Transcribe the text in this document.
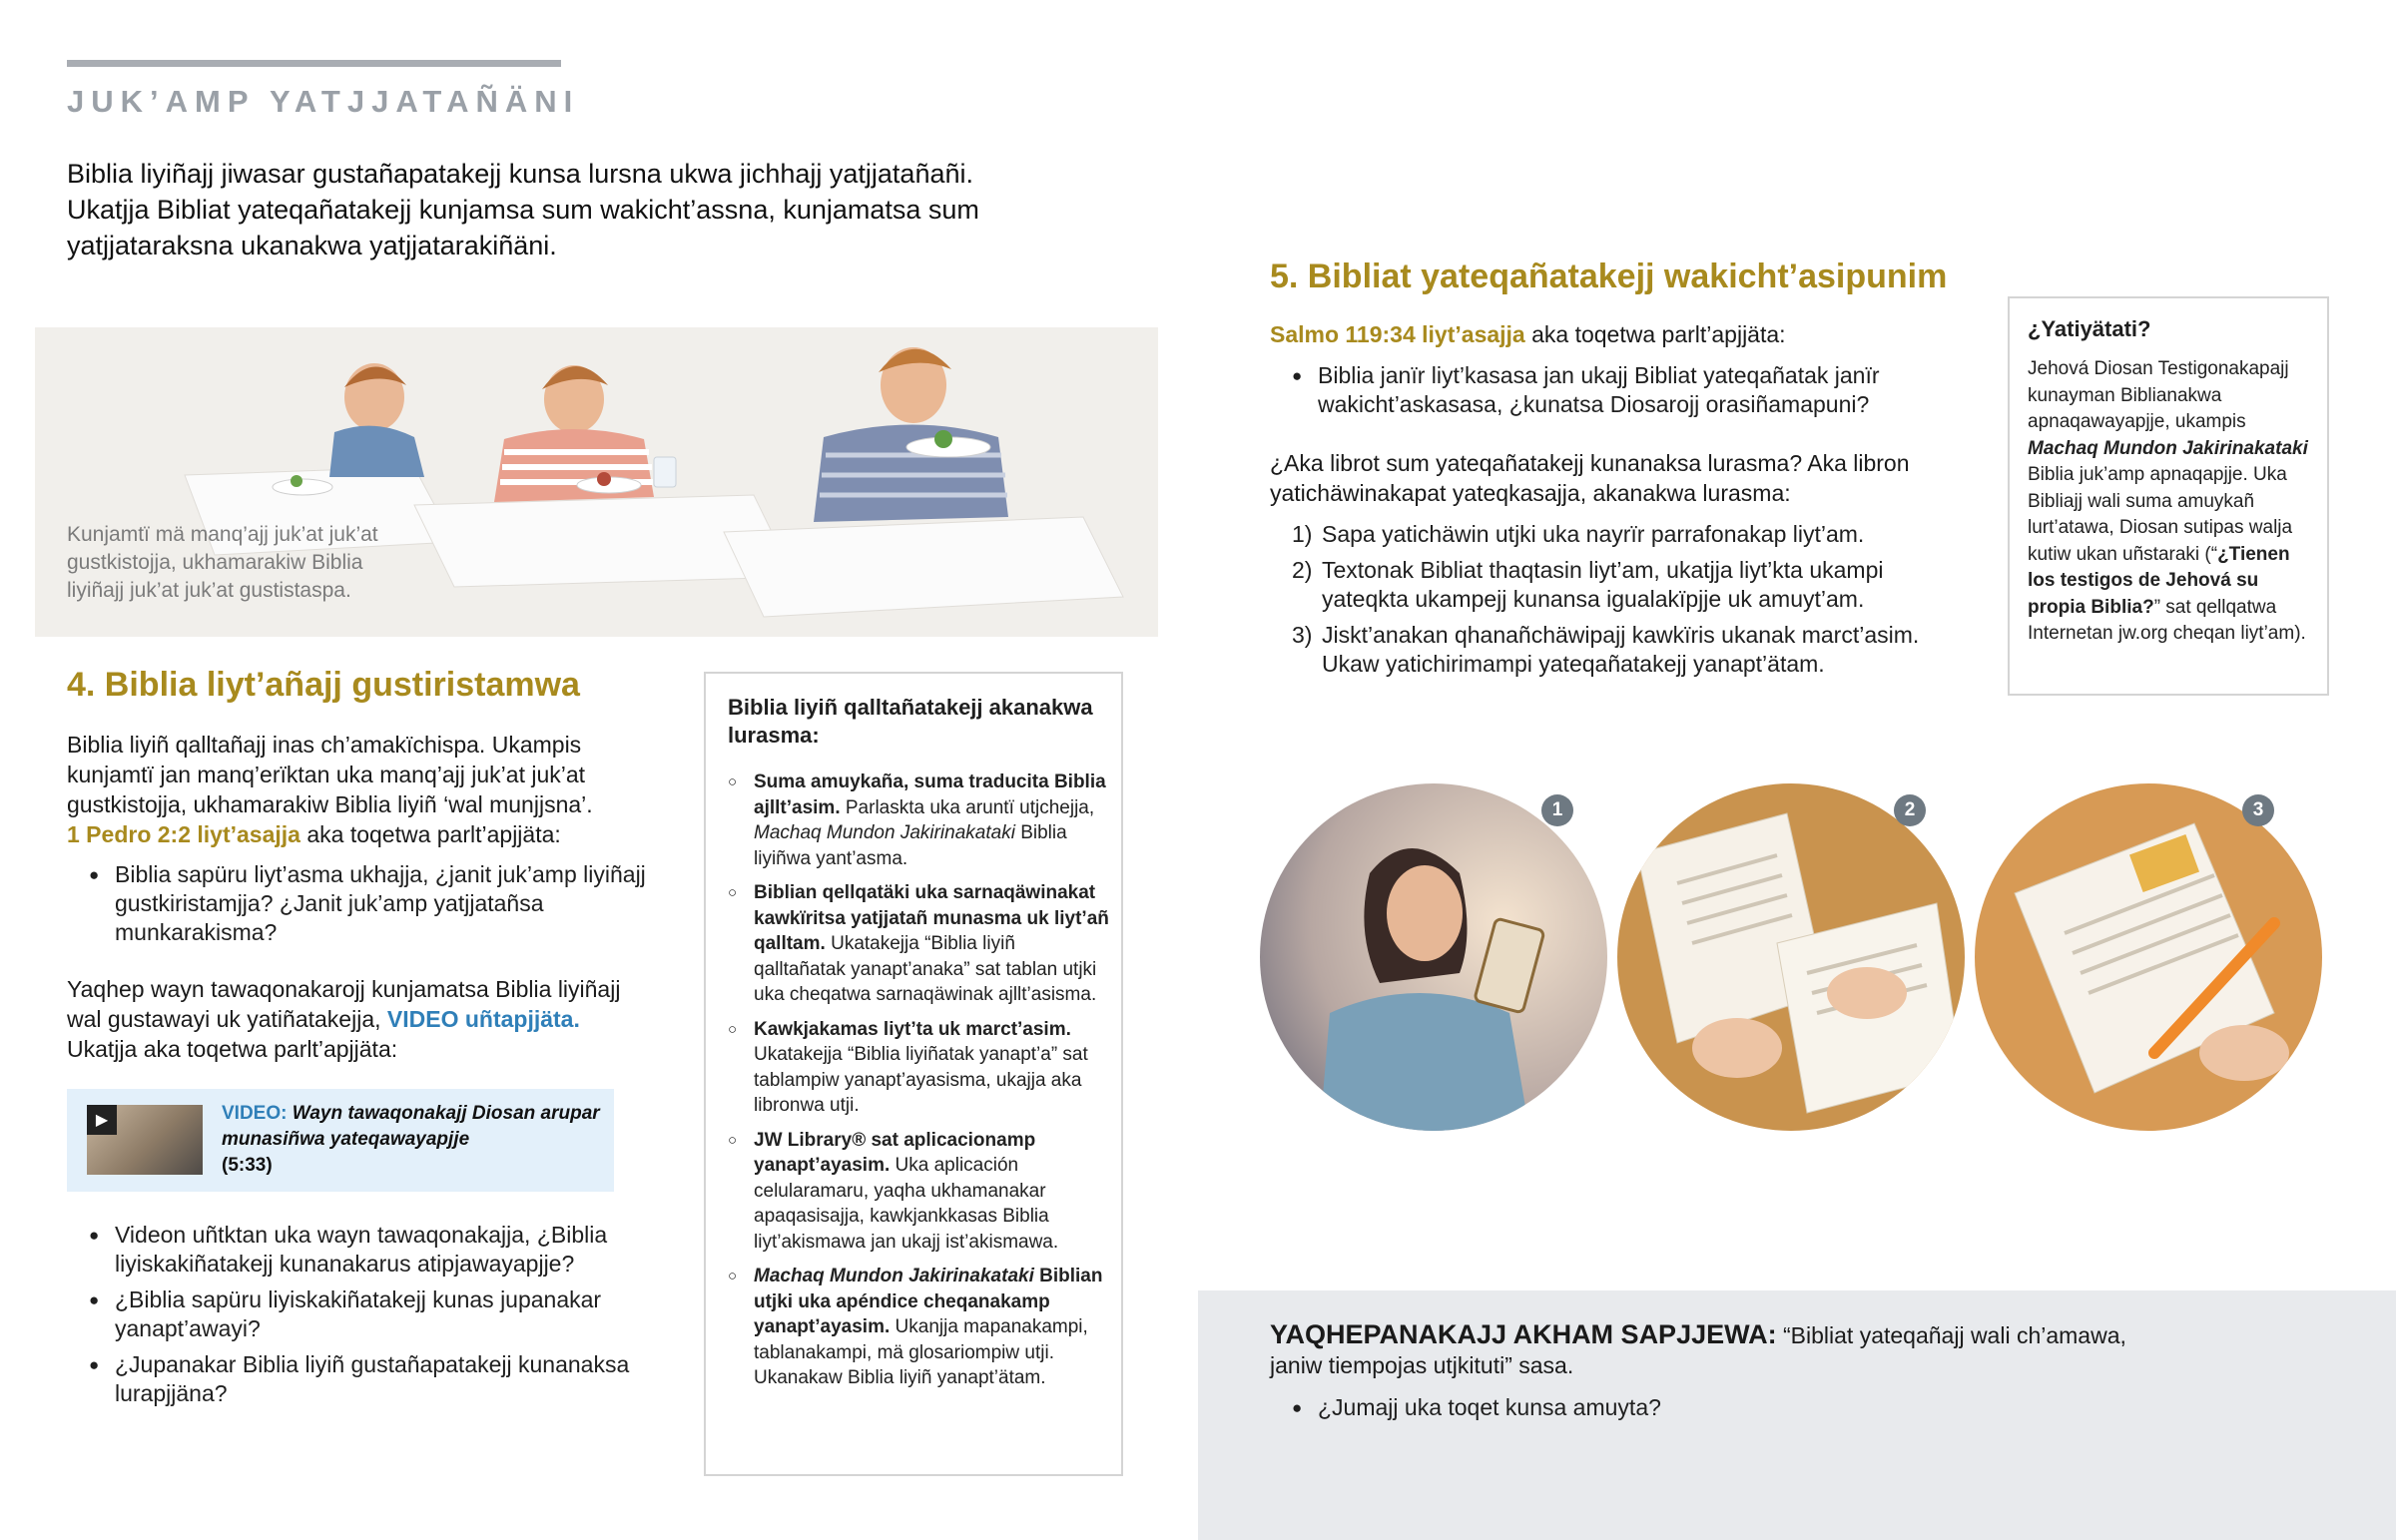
JUK’AMP YATJJATAÑÄNI

Biblia liyiñajj jiwasar gustañapatakejj kunsa lursna ukwa jichhajj yatjjatañañi.

Ukatjja Bibliat yateqañatakejj kunjamsa sum wakicht’assna, kunjamatsa sum

yatjjataraksna ukanakwa yatjjatarakiñäni.

Kunjamtï mä manq’ajj juk’at juk’at

gustkistojja, ukhamarakiw Biblia

liyiñajj juk’at juk’at gustistaspa.

4. Biblia liyt’añajj gustiristamwa

Biblia liyiñ qalltañajj inas ch’amakïchispa. Ukampis

kunjamtï jan manq’erïktan uka manq’ajj juk’at juk’at

gustkistojja, ukhamarakiw Biblia liyiñ ‘wal munjjsna’.

1 Pedro 2:2 liyt’asajja aka toqetwa parlt’apjjäta:

● Biblia sapüru liyt’asma ukhajja, ¿janit juk’amp liyiñajj gustkiristamjja? ¿Janit juk’amp yatjjatañsa munkarakisma?

Yaqhep wayn tawaqonakarojj kunjamatsa Biblia liyiñajj

wal gustawayi uk yatiñatakejja, VIDEO uñtapjjäta.

Ukatjja aka toqetwa parlt’apjjäta:

▶	VIDEO: Wayn tawaqonakajj Diosan arupar munasiñwa yateqawayapjje
(5:33)
● Videon uñtktan uka wayn tawaqonakajja, ¿Biblia liyiskakiñatakejj kunanakarus atipjawayapjje?
● ¿Biblia sapüru liyiskakiñatakejj kunas jupanakar yanapt’awayi?
● ¿Jupanakar Biblia liyiñ gustañapatakejj kunanaksa lurapjjäna?
Biblia liyiñ qalltañatakejj akanakwa lurasma:
○ Suma amuykaña, suma traducita Biblia ajllt’asim. Parlaskta uka aruntï utjchejja, Machaq Mundon Jakirinakataki Biblia liyiñwa yant’asma.
○ Biblian qellqatäki uka sarnaqäwinakat kawkïritsa yatjjatañ munasma uk liyt’añ qalltam. Ukatakejja “Biblia liyiñ qalltañatak yanapt’anaka” sat tablan utjki uka cheqatwa sarnaqäwinak ajllt’asisma.
○ Kawkjakamas liyt’ta uk marct’asim. Ukatakejja “Biblia liyiñatak yanapt’a” sat tablampiw yanapt’ayasisma, ukajja aka libronwa utji.
○ JW Library® sat aplicacionamp yanapt’ayasim. Uka aplicación celularamaru, yaqha ukhamanakar apaqasisajja, kawkjankkasas Biblia liyt’akismawa jan ukajj ist’akismawa.
○ Machaq Mundon Jakirinakataki Biblian utjki uka apéndice cheqanakamp yanapt’ayasim. Ukanjja mapanakampi, tablanakampi, mä glosariompiw utji. Ukanakaw Biblia liyiñ yanapt’ätam.
5. Bibliat yateqañatakejj wakicht’asipunim
Salmo 119:34 liyt’asajja aka toqetwa parlt’apjjäta:
● Biblia janïr liyt’kasasa jan ukajj Bibliat yateqañatak janïr wakicht’askasasa, ¿kunatsa Diosarojj orasiñamapuni?

¿Aka librot sum yateqañatakejj kunanaksa lurasma? Aka libron

yatichäwinakapat yateqkasajja, akanakwa lurasma:

1) Sapa yatichäwin utjki uka nayrïr parrafonakap liyt’am.
2) Textonak Bibliat thaqtasin liyt’am, ukatjja liyt’kta ukampi yateqkta ukampejj kunansa igualakïpjje uk amuyt’am.
3) Jiskt’anakan qhanañchäwipajj kawkïris ukanak marct’asim. Ukaw yatichirimampi yateqañatakejj yanapt’ätam.
¿Yatiyätati?
Jehová Diosan Testigonakapajj kunayman Biblianakwa apnaqawayapjje, ukampis Machaq Mundon Jakirinakataki Biblia juk’amp apnaqapjje. Uka Bibliajj wali suma amuykañ lurt’atawa, Diosan sutipas walja kutiw ukan uñstaraki (“¿Tienen los testigos de Jehová su propia Biblia?” sat qellqatwa Internetan jw.org cheqan liyt’am).
1	2	3

YAQHEPANAKAJJ AKHAM SAPJJEWA: “Bibliat yateqañajj wali ch’amawa,

janiw tiempojas utjkituti” sasa.

● ¿Jumajj uka toqet kunsa amuyta?
